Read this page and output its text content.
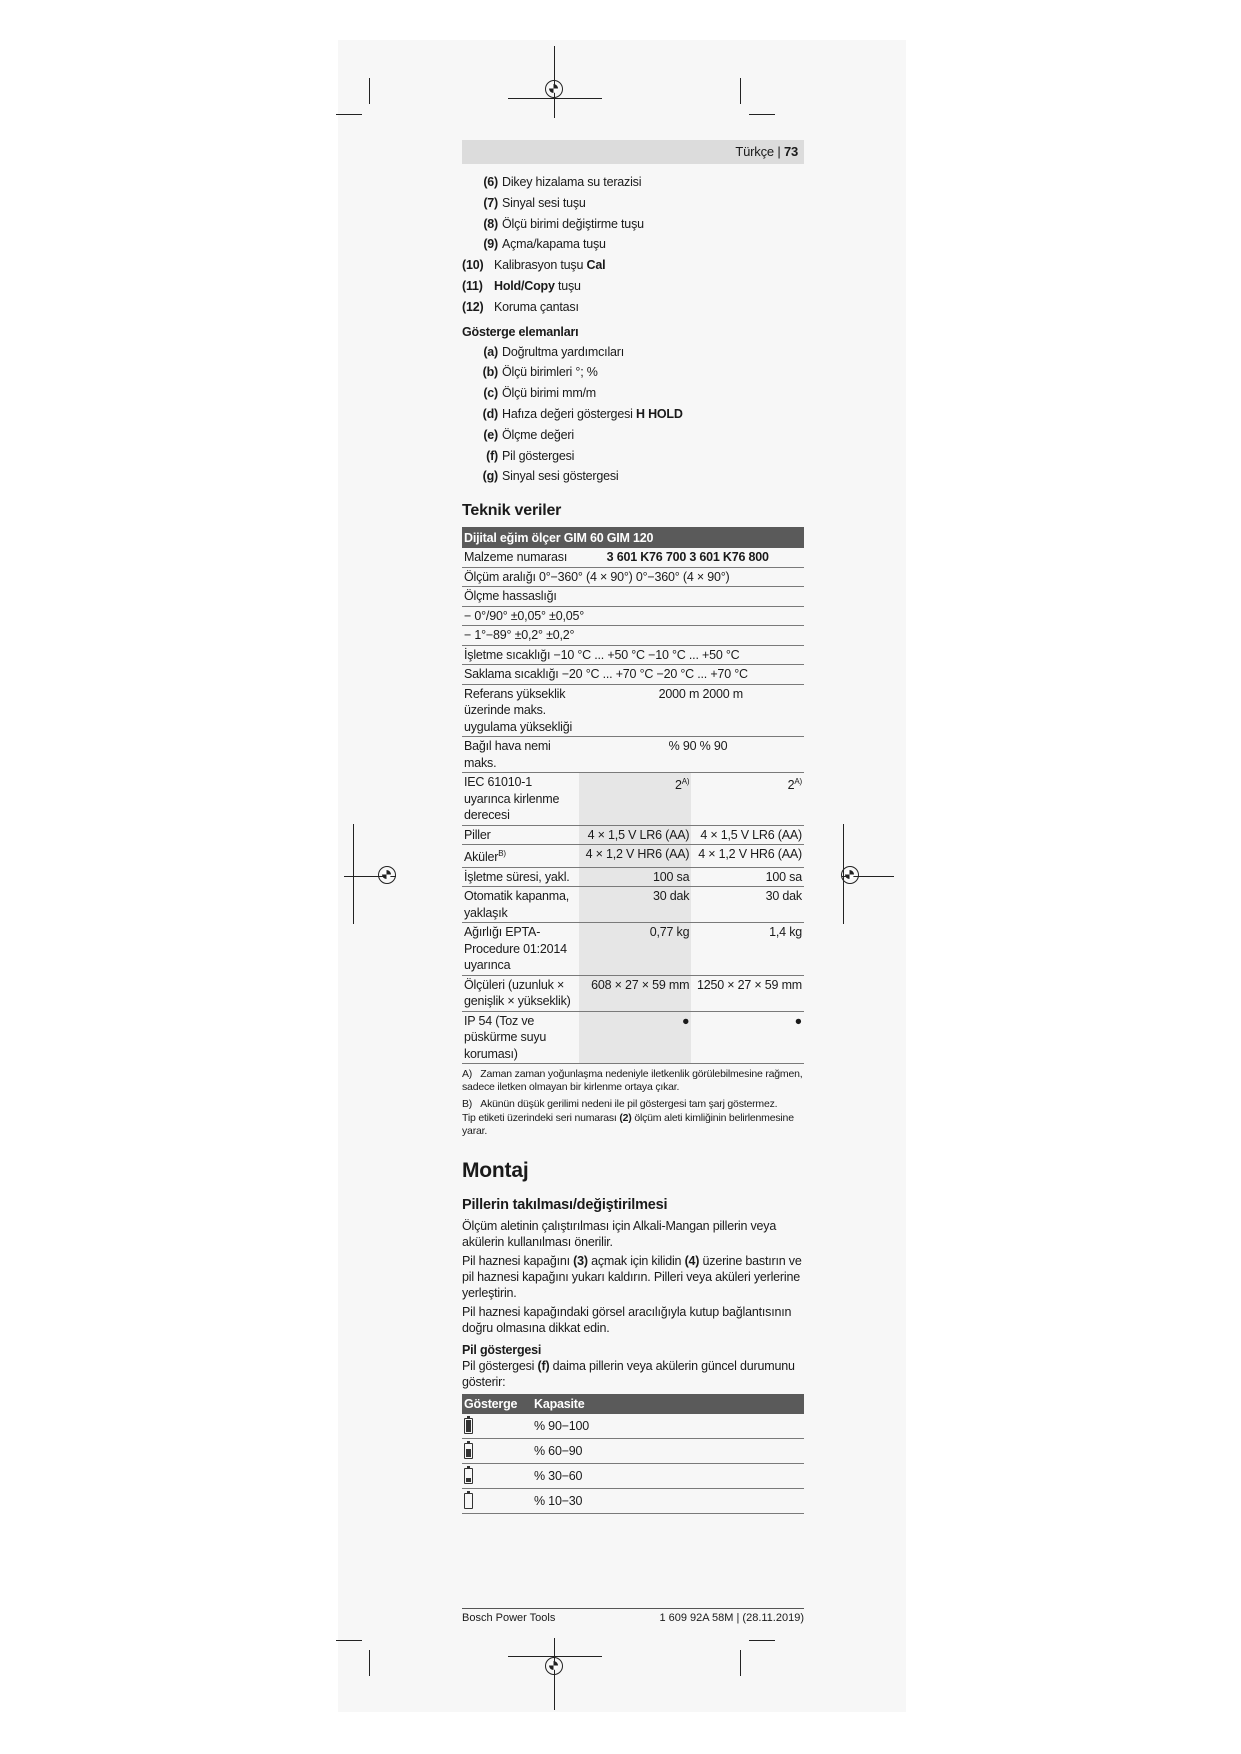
Türkçe | 73
(6) Dikey hizalama su terazisi
(7) Sinyal sesi tuşu
(8) Ölçü birimi değiştirme tuşu
(9) Açma/kapama tuşu
(10) Kalibrasyon tuşu Cal
(11) Hold/Copy tuşu
(12) Koruma çantası
Gösterge elemanları
(a) Doğrultma yardımcıları
(b) Ölçü birimleri °; %
(c) Ölçü birimi mm/m
(d) Hafıza değeri göstergesi H HOLD
(e) Ölçme değeri
(f) Pil göstergesi
(g) Sinyal sesi göstergesi
Teknik veriler
Dijital eğim ölçer GIM 60 GIM 120		
Malzeme numarası	3 601 K76 700 3 601 K76 800	
Ölçüm aralığı 0°−360° (4 × 90°) 0°−360° (4 × 90°)		
Ölçme hassaslığı		
− 0°/90° ±0,05° ±0,05°		
− 1°−89° ±0,2° ±0,2°		
İşletme sıcaklığı −10 °C ... +50 °C −10 °C ... +50 °C		
Saklama sıcaklığı −20 °C ... +70 °C −20 °C ... +70 °C		
Referans yükseklik üzerinde maks. uygulama yüksekliği	2000 m 2000 m	
Bağıl hava nemi maks.	% 90 % 90	
IEC 61010-1 uyarınca kirlenme derecesi	$2^{A)}$	$2^{A)}$
Piller	4 × 1,5 V LR6 (AA)	4 × 1,5 V LR6 (AA)
Aküler$^{B)}$	4 × 1,2 V HR6 (AA)	4 × 1,2 V HR6 (AA)
İşletme süresi, yakl.	100 sa	100 sa
Otomatik kapanma, yaklaşık	30 dak	30 dak
Ağırlığı EPTA-Procedure 01:2014 uyarınca	0,77 kg	1,4 kg
Ölçüleri (uzunluk × genişlik × yükseklik)	608 × 27 × 59 mm	1250 × 27 × 59 mm
IP 54 (Toz ve püskürme suyu koruması)	●	●
A) Zaman zaman yoğunlaşma nedeniyle iletkenlik görülebilmesine rağmen, sadece iletken olmayan bir kirlenme ortaya çıkar.
B) Akünün düşük gerilimi nedeni ile pil göstergesi tam şarj göstermez.
Tip etiketi üzerindeki seri numarası (2) ölçüm aleti kimliğinin belirlenmesine yarar.
Montaj
Pillerin takılması/değiştirilmesi
Ölçüm aletinin çalıştırılması için Alkali-Mangan pillerin veya akülerin kullanılması önerilir.
Pil haznesi kapağını (3) açmak için kilidin (4) üzerine bastırın ve pil haznesi kapağını yukarı kaldırın. Pilleri veya aküleri yerlerine yerleştirin.
Pil haznesi kapağındaki görsel aracılığıyla kutup bağlantısının doğru olmasına dikkat edin.
Pil göstergesi
Pil göstergesi (f) daima pillerin veya akülerin güncel durumunu gösterir:
Gösterge	Kapasite

	% 90−100

	% 60−90

	% 30−60
	% 10−30
Bosch Power Tools	1 609 92A 58M | (28.11.2019)
